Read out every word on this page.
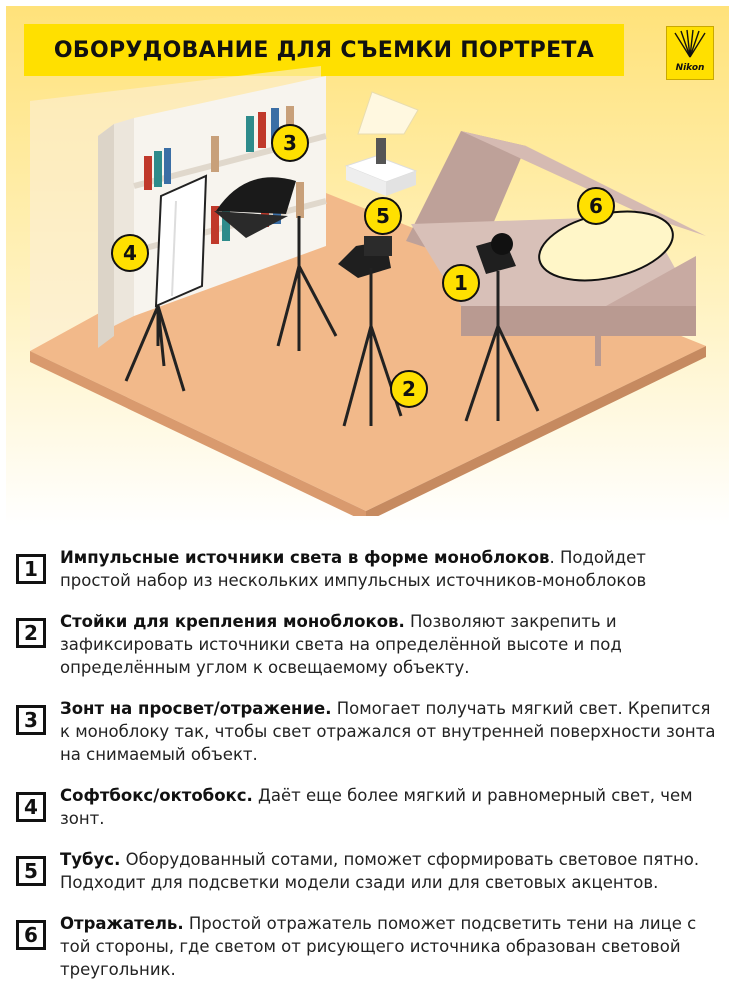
ОБОРУДОВАНИЕ ДЛЯ СЪЕМКИ ПОРТРЕТА
Nikon
1
2
3
4
5	6
1	Импульсные источники света в форме моноблоков. Подойдет простой набор из нескольких импульсных источников-моноблоков
2	Стойки для крепления моноблоков. Позволяют закрепить и зафиксировать источники света на определённой высоте и под определённым углом к освещаемому объекту.
3	Зонт на просвет/отражение. Помогает получать мягкий свет. Крепится к моноблоку так, чтобы свет отражался от внутренней поверхности зонта на снимаемый объект.
4	Софтбокс/октобокс. Даёт еще более мягкий и равномерный свет, чем зонт.
5	Тубус. Оборудованный сотами, поможет сформировать световое пятно. Подходит для подсветки модели сзади или для световых акцентов.
6	Отражатель. Простой отражатель поможет подсветить тени на лице с той стороны, где светом от рисующего источника образован световой треугольник.
